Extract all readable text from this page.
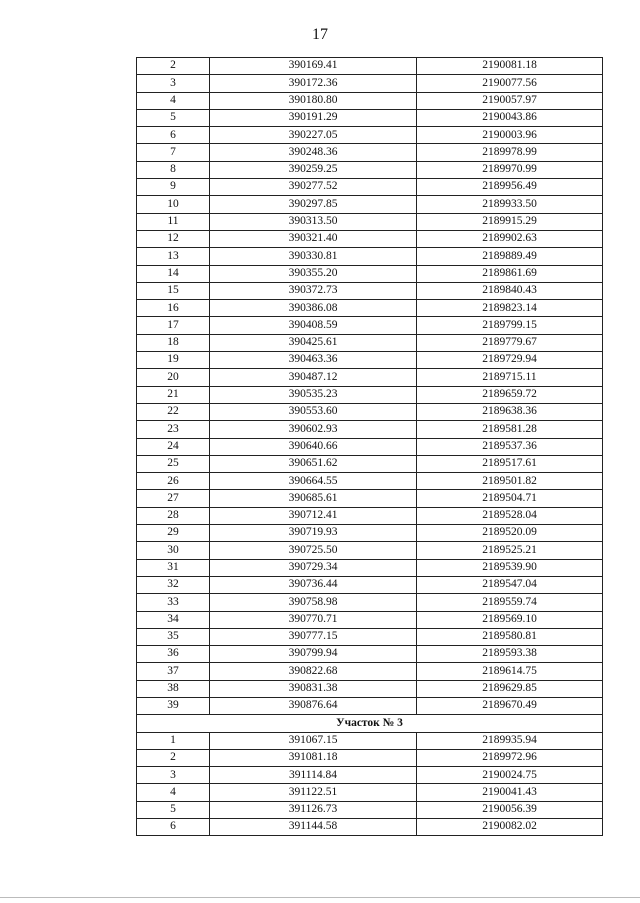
17
2	390169.41	2190081.18
3	390172.36	2190077.56
4	390180.80	2190057.97
5	390191.29	2190043.86
6	390227.05	2190003.96
7	390248.36	2189978.99
8	390259.25	2189970.99
9	390277.52	2189956.49
10	390297.85	2189933.50
11	390313.50	2189915.29
12	390321.40	2189902.63
13	390330.81	2189889.49
14	390355.20	2189861.69
15	390372.73	2189840.43
16	390386.08	2189823.14
17	390408.59	2189799.15
18	390425.61	2189779.67
19	390463.36	2189729.94
20	390487.12	2189715.11
21	390535.23	2189659.72
22	390553.60	2189638.36
23	390602.93	2189581.28
24	390640.66	2189537.36
25	390651.62	2189517.61
26	390664.55	2189501.82
27	390685.61	2189504.71
28	390712.41	2189528.04
29	390719.93	2189520.09
30	390725.50	2189525.21
31	390729.34	2189539.90
32	390736.44	2189547.04
33	390758.98	2189559.74
34	390770.71	2189569.10
35	390777.15	2189580.81
36	390799.94	2189593.38
37	390822.68	2189614.75
38	390831.38	2189629.85
39	390876.64	2189670.49
Участок № 3		
1	391067.15	2189935.94
2	391081.18	2189972.96
3	391114.84	2190024.75
4	391122.51	2190041.43
5	391126.73	2190056.39
6	391144.58	2190082.02
